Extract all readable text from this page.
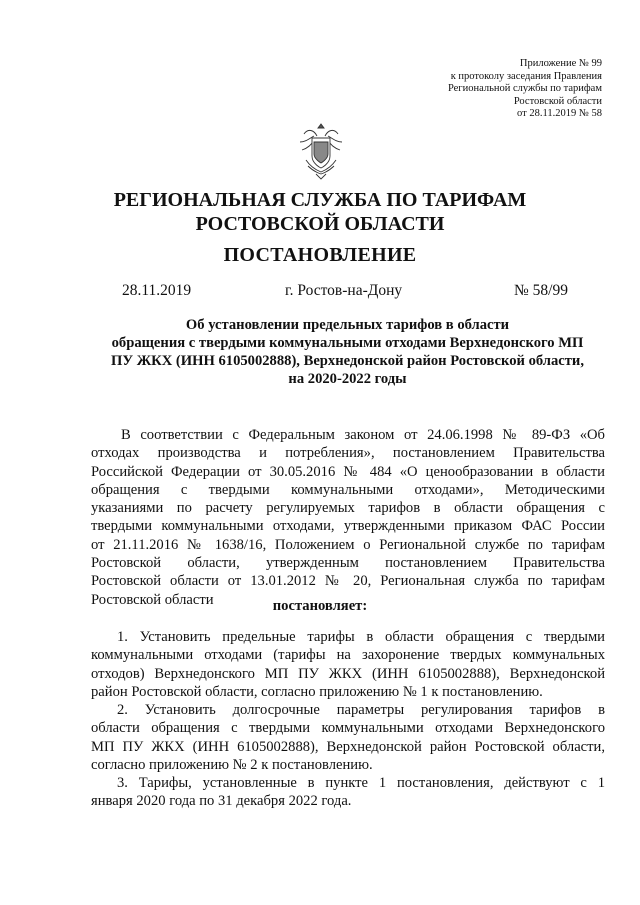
Приложение № 99
к протоколу заседания Правления
Региональной службы по тарифам
Ростовской области
от 28.11.2019 № 58
РЕГИОНАЛЬНАЯ СЛУЖБА ПО ТАРИФАМ
РОСТОВСКОЙ ОБЛАСТИ
ПОСТАНОВЛЕНИЕ
28.11.2019	г. Ростов-на-Дону	№ 58/99
Об установлении предельных тарифов в области
обращения с твердыми коммунальными отходами Верхнедонского МП
ПУ ЖКХ (ИНН 6105002888), Верхнедонской район Ростовской области,
на 2020-2022 годы
В соответствии с Федеральным законом от 24.06.1998 № 89-ФЗ «Об
отходах производства и потребления», постановлением Правительства
Российской Федерации от 30.05.2016 № 484 «О ценообразовании в области
обращения с твердыми коммунальными отходами», Методическими
указаниями по расчету регулируемых тарифов в области обращения с
твердыми коммунальными отходами, утвержденными приказом ФАС России
от 21.11.2016 № 1638/16, Положением о Региональной службе по тарифам
Ростовской области, утвержденным постановлением Правительства
Ростовской области от 13.01.2012 № 20, Региональная служба по тарифам
Ростовской области	постановляет:
1. Установить предельные тарифы в области обращения с твердыми
коммунальными отходами (тарифы на захоронение твердых коммунальных
отходов) Верхнедонского МП ПУ ЖКХ (ИНН 6105002888), Верхнедонской
район Ростовской области, согласно приложению № 1 к постановлению.
2. Установить долгосрочные параметры регулирования тарифов в
области обращения с твердыми коммунальными отходами Верхнедонского
МП ПУ ЖКХ (ИНН 6105002888), Верхнедонской район Ростовской области,
согласно приложению № 2 к постановлению.
3. Тарифы, установленные в пункте 1 постановления, действуют с 1
января 2020 года по 31 декабря 2022 года.
